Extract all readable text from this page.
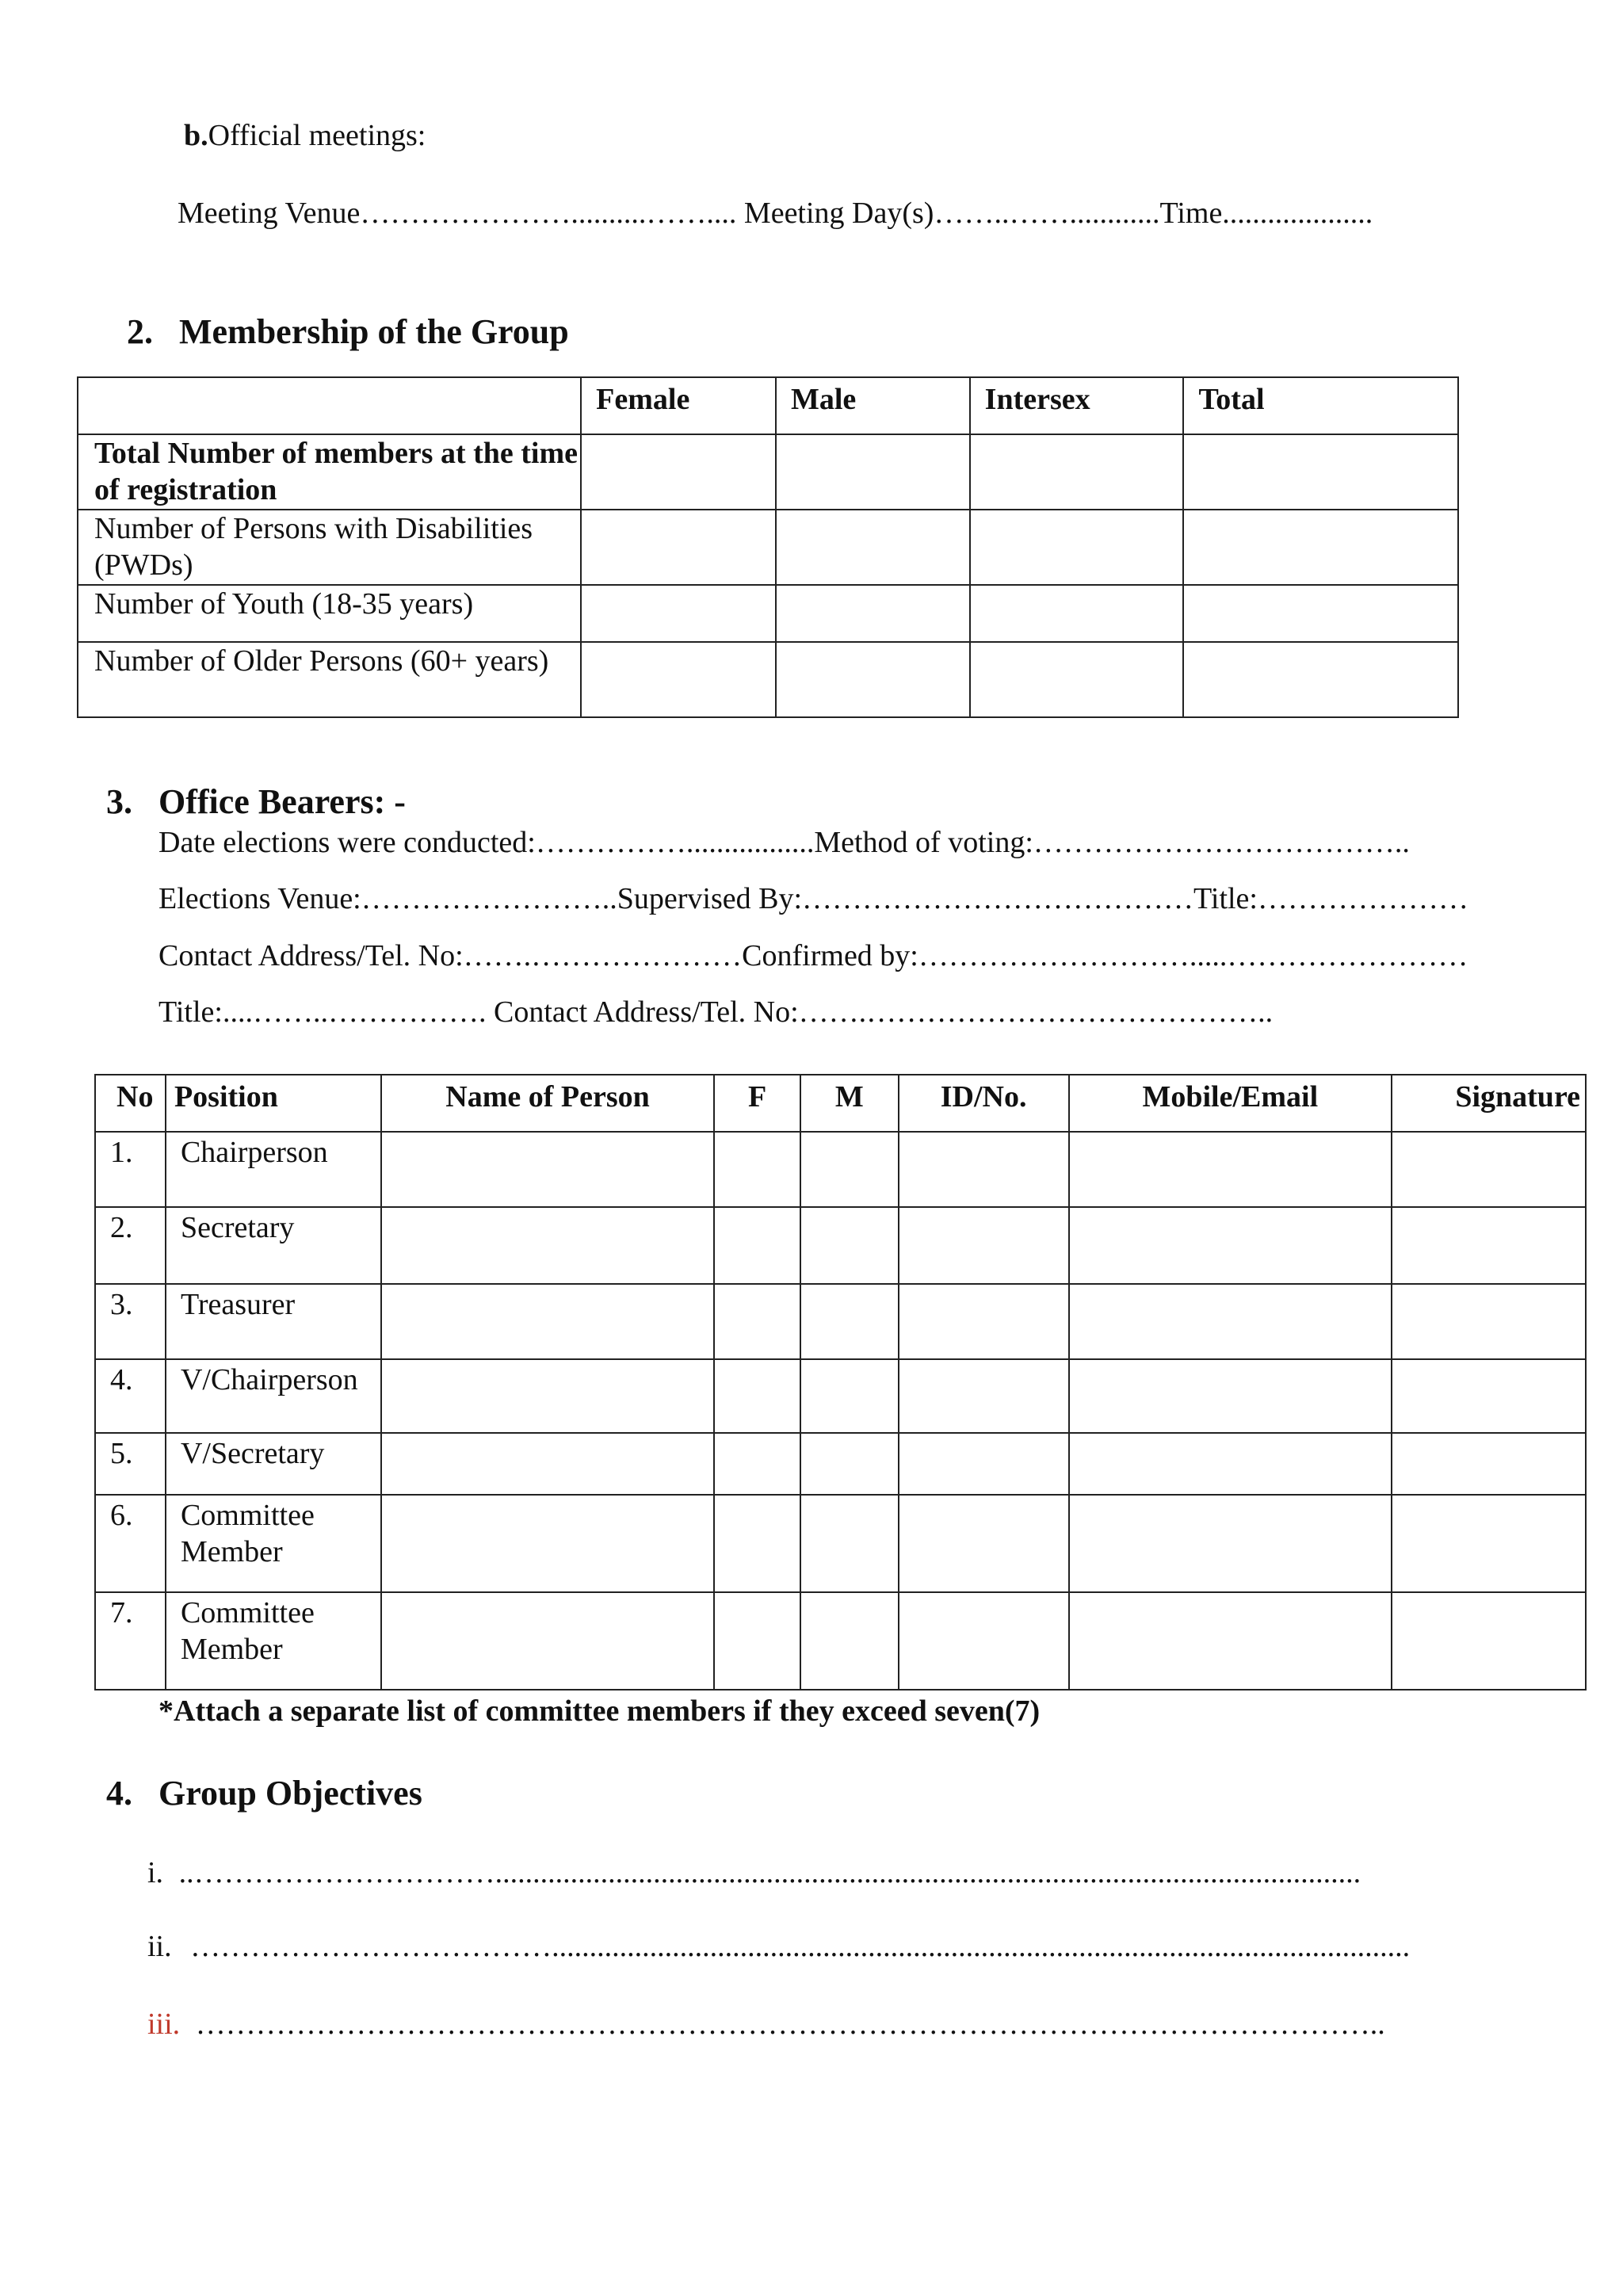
b.Official meetings:
Meeting Venue…………………..........…….... Meeting Day(s)……..……............Time....................
2. Membership of the Group
	Female	Male	Intersex	Total
Total Number of members at the time of registration				
Number of Persons with Disabilities (PWDs)				
Number of Youth (18-35 years)				
Number of Older Persons (60+ years)				
3. Office Bearers: -
Date elections were conducted:…………….................Method of voting:………………………………..
Elections Venue:……………………..Supervised By:…………………………………Title:…………………
Contact Address/Tel. No:…….…………………Confirmed by:……………………….....……………………
Title:....……..……………. Contact Address/Tel. No:…….…………………………………..
No	Position	Name of Person	F	M	ID/No.	Mobile/Email	Signature
1.	Chairperson						
2.	Secretary						
3.	Treasurer						
4.	V/Chairperson						
5.	V/Secretary						
6.	Committee Member						
7.	Committee Member						
*Attach a separate list of committee members if they exceed seven(7)
4. Group Objectives
i. ..…………………………...................................................................................................................
ii. ………………………………..................................................................................................................
iii. ………………………………………………………………………………………………………..
